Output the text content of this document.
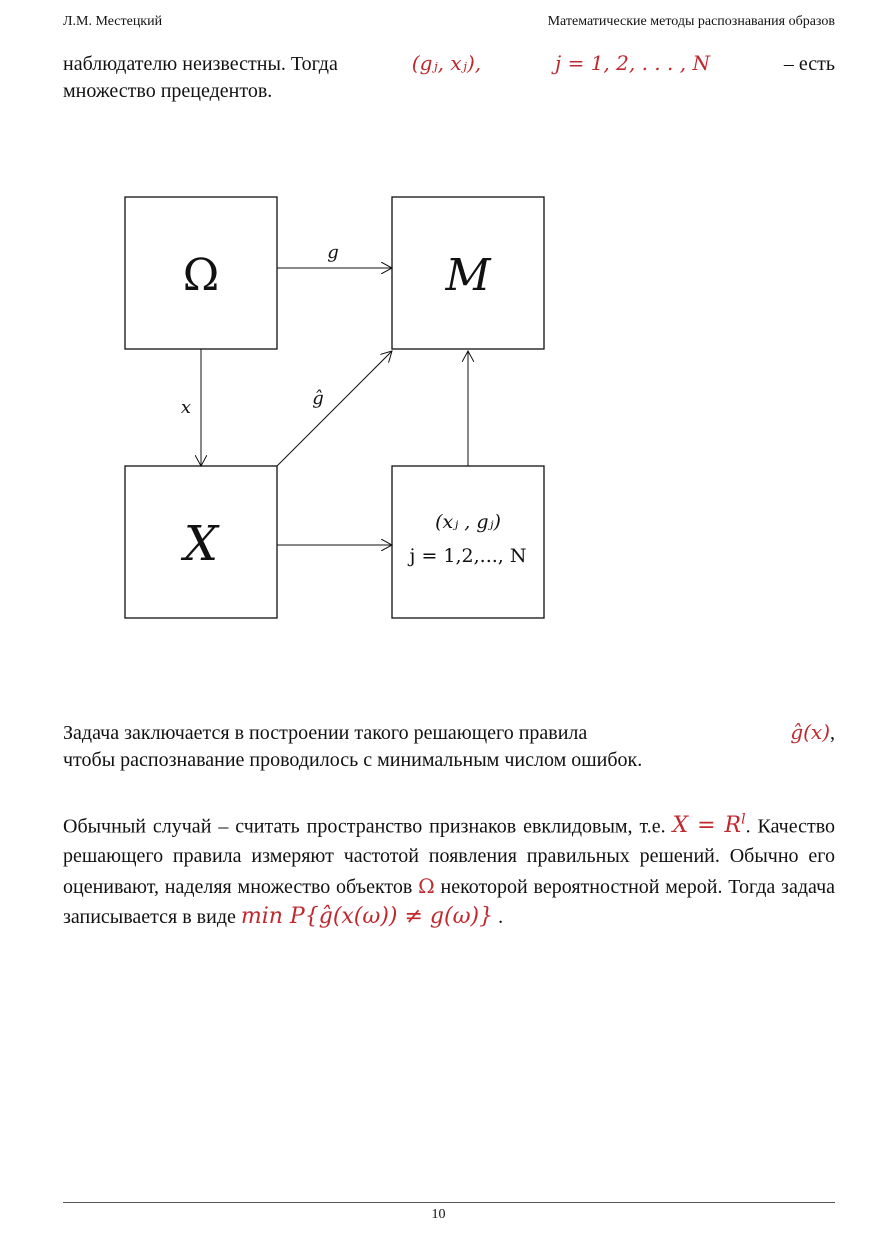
Л.М. Местецкий	Математические методы распознавания образов
наблюдателю неизвестны. Тогда	(gⱼ, xⱼ),	j = 1, 2, . . . , N	– есть
множество прецедентов.
Ω	M
X	(xⱼ , gⱼ)
j = 1,2,..., N
g
x	ĝ
Задача заключается в построении такого решающего правила	ĝ(x),
чтобы распознавание проводилось с минимальным числом ошибок.
Обычный случай – считать пространство признаков евклидовым, т.е. $X = R^l$. Качество решающего правила измеряют частотой появления правильных решений. Обычно его оценивают, наделяя множество объектов Ω некоторой вероятностной мерой. Тогда задача записывается в виде min P{ĝ(x(ω)) ≠ g(ω)} .
10
